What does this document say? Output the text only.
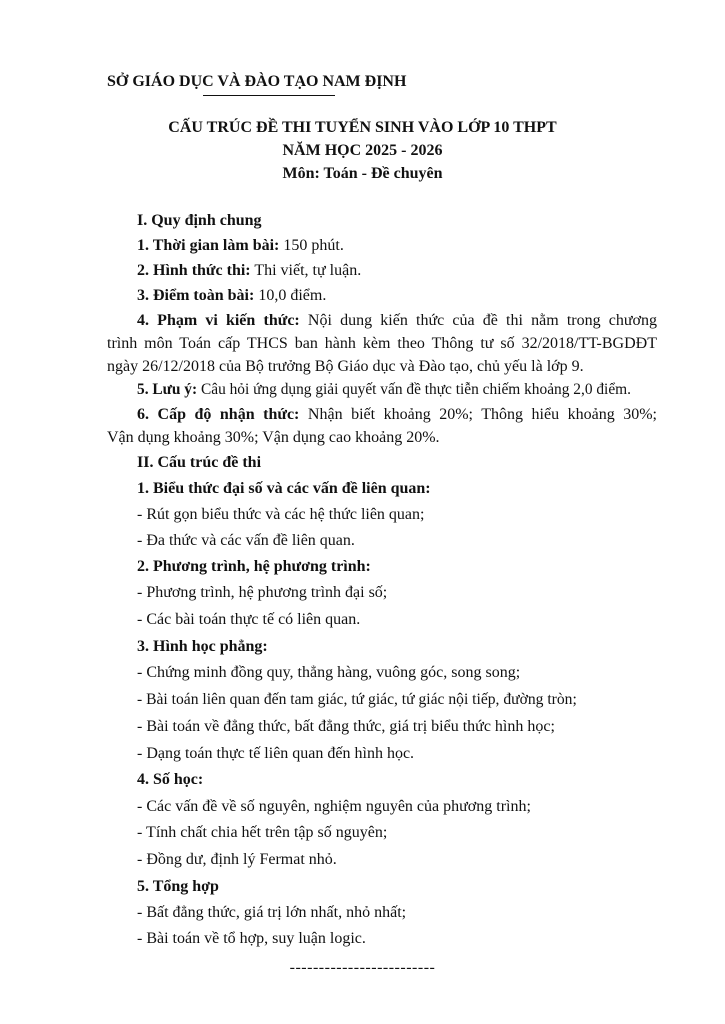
SỞ GIÁO DỤC VÀ ĐÀO TẠO NAM ĐỊNH
CẤU TRÚC ĐỀ THI TUYỂN SINH VÀO LỚP 10 THPT
NĂM HỌC 2025 - 2026
Môn: Toán - Đề chuyên
I. Quy định chung
1. Thời gian làm bài: 150 phút.
2. Hình thức thi: Thi viết, tự luận.
3. Điểm toàn bài: 10,0 điểm.
4. Phạm vi kiến thức: Nội dung kiến thức của đề thi nằm trong chương
trình môn Toán cấp THCS ban hành kèm theo Thông tư số 32/2018/TT-BGDĐT
ngày 26/12/2018 của Bộ trưởng Bộ Giáo dục và Đào tạo, chủ yếu là lớp 9.
5. Lưu ý: Câu hỏi ứng dụng giải quyết vấn đề thực tiễn chiếm khoảng 2,0 điểm.
6. Cấp độ nhận thức: Nhận biết khoảng 20%; Thông hiểu khoảng 30%;
Vận dụng khoảng 30%; Vận dụng cao khoảng 20%.
II. Cấu trúc đề thi
1. Biểu thức đại số và các vấn đề liên quan:
- Rút gọn biểu thức và các hệ thức liên quan;
- Đa thức và các vấn đề liên quan.
2. Phương trình, hệ phương trình:
- Phương trình, hệ phương trình đại số;
- Các bài toán thực tế có liên quan.
3. Hình học phẳng:
- Chứng minh đồng quy, thẳng hàng, vuông góc, song song;
- Bài toán liên quan đến tam giác, tứ giác, tứ giác nội tiếp, đường tròn;
- Bài toán về đẳng thức, bất đẳng thức, giá trị biểu thức hình học;
- Dạng toán thực tế liên quan đến hình học.
4. Số học:
- Các vấn đề về số nguyên, nghiệm nguyên của phương trình;
- Tính chất chia hết trên tập số nguyên;
- Đồng dư, định lý Fermat nhỏ.
5. Tổng hợp
- Bất đẳng thức, giá trị lớn nhất, nhỏ nhất;
- Bài toán về tổ hợp, suy luận logic.
-------------------------
